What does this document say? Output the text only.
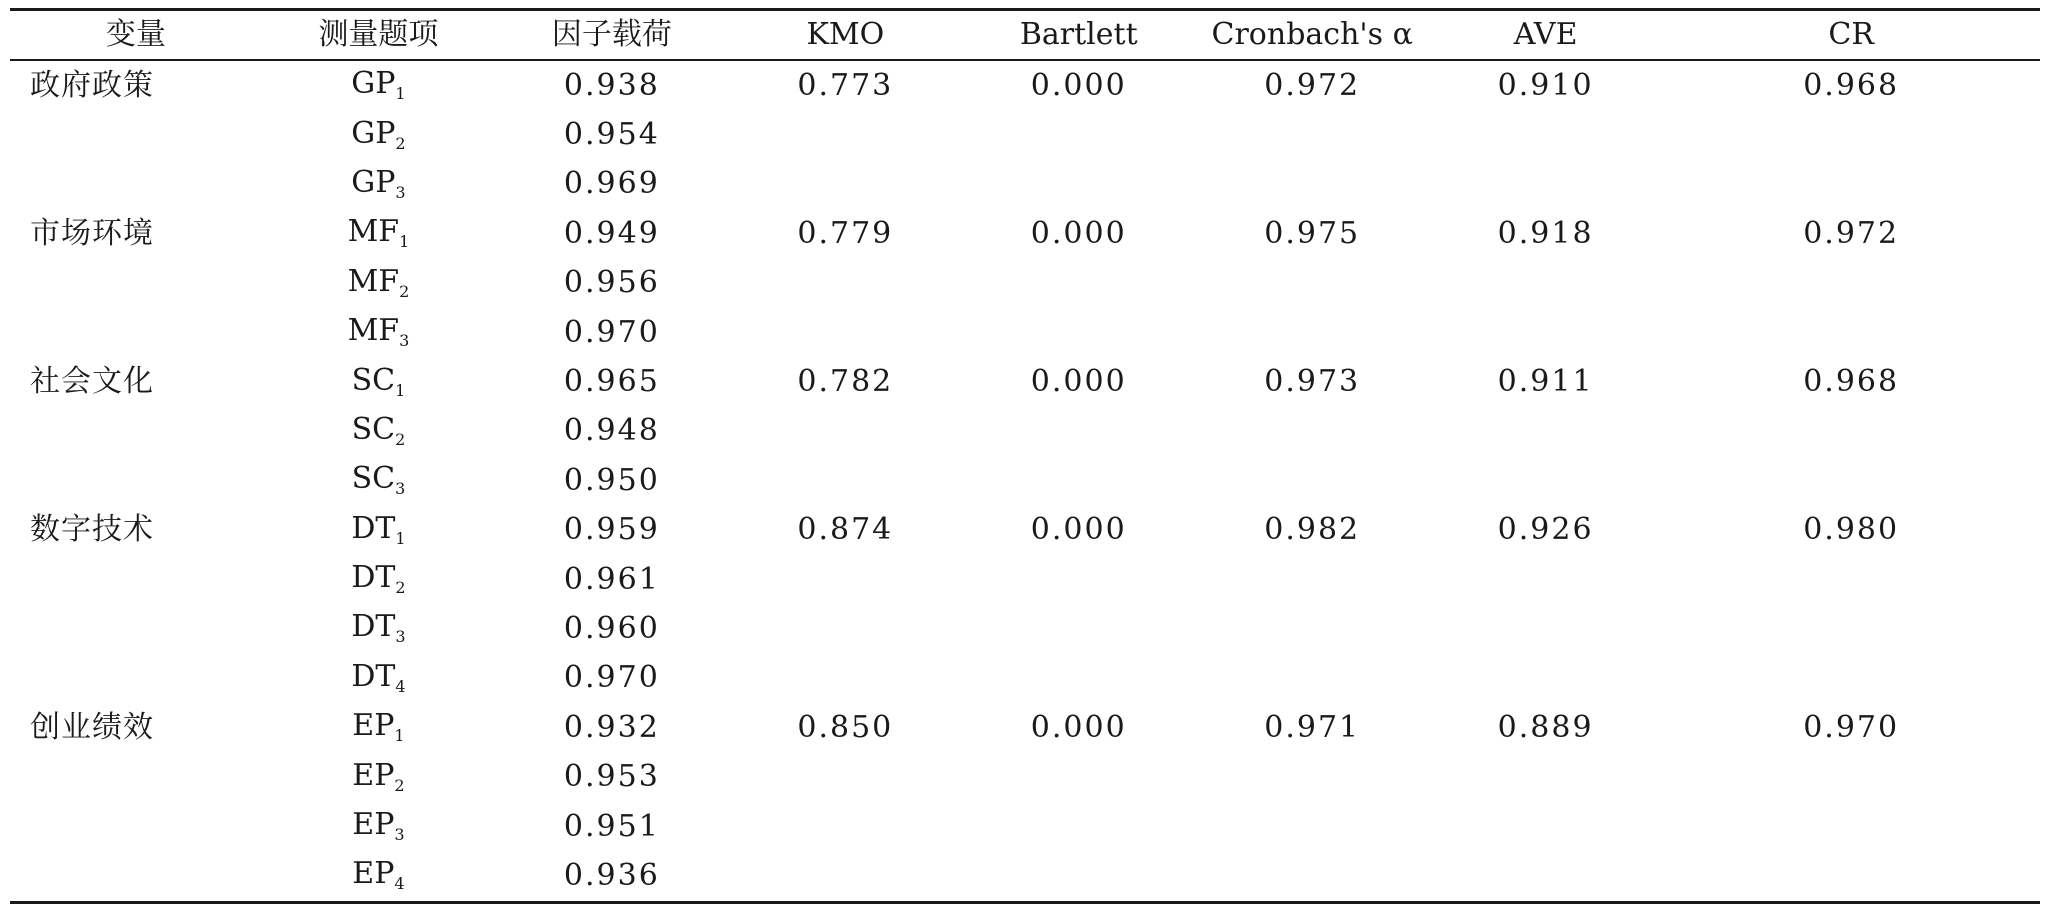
变量	测量题项	因子载荷	KMO	Bartlett	Cronbach's α	AVE	CR
政府政策	$GP_1$	0.938	0.773	0.000	0.972	0.910	0.968
	$GP_2$	0.954					
	$GP_3$	0.969					
市场环境	$MF_1$	0.949	0.779	0.000	0.975	0.918	0.972
	$MF_2$	0.956					
	$MF_3$	0.970					
社会文化	$SC_1$	0.965	0.782	0.000	0.973	0.911	0.968
	$SC_2$	0.948					
	$SC_3$	0.950					
数字技术	$DT_1$	0.959	0.874	0.000	0.982	0.926	0.980
	$DT_2$	0.961					
	$DT_3$	0.960					
	$DT_4$	0.970					
创业绩效	$EP_1$	0.932	0.850	0.000	0.971	0.889	0.970
	$EP_2$	0.953					
	$EP_3$	0.951					
	$EP_4$	0.936					
